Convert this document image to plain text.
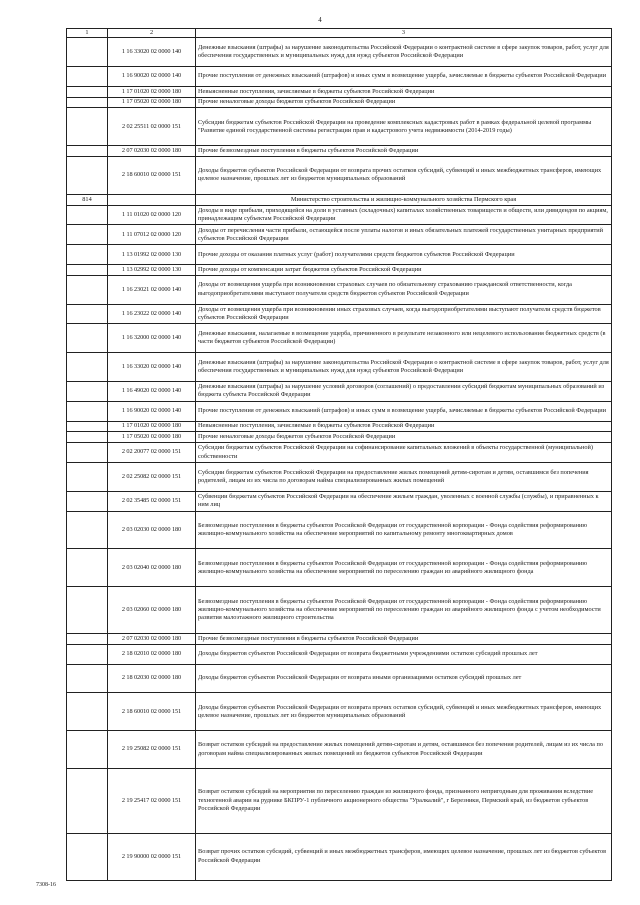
4
1	2	3
	1 16 33020 02 0000 140	Денежные взыскания (штрафы) за нарушение законодательства Российской Федерации о контрактной системе в сфере закупок товаров, работ, услуг для обеспечения государственных и муниципальных нужд для нужд субъектов Российской Федерации
	1 16 90020 02 0000 140	Прочие поступления от денежных взысканий (штрафов) и иных сумм в возмещение ущерба, зачисляемые в бюджеты субъектов Российской Федерации
	1 17 01020 02 0000 180	Невыясненные поступления, зачисляемые в бюджеты субъектов Российской Федерации
	1 17 05020 02 0000 180	Прочие неналоговые доходы бюджетов субъектов Российской Федерации
	2 02 25511 02 0000 151	Субсидии бюджетам субъектов Российской Федерации на проведение комплексных кадастровых работ в рамках федеральной целевой программы "Развитие единой государственной системы регистрации прав и кадастрового учета недвижимости (2014-2019 годы)
	2 07 02030 02 0000 180	Прочие безвозмездные поступления в бюджеты субъектов Российской Федерации
	2 18 60010 02 0000 151	Доходы бюджетов субъектов Российской Федерации от возврата прочих остатков субсидий, субвенций и иных межбюджетных трансферов, имеющих целевое назначение, прошлых лет из бюджетов муниципальных образований
814		Министерство строительства и жилищно-коммунального хозяйства Пермского края
	1 11 01020 02 0000 120	Доходы в виде прибыли, приходящейся на доли в уставных (складочных) капиталах хозяйственных товариществ и обществ, или дивидендов по акциям, принадлежащим субъектам Российской Федерации
	1 11 07012 02 0000 120	Доходы от перечисления части прибыли, остающейся после уплаты налогов и иных обязательных платежей государственных унитарных предприятий субъектов Российской Федерации
	1 13 01992 02 0000 130	Прочие доходы от оказания платных услуг (работ) получателями средств бюджетов субъектов Российской Федерации
	1 13 02992 02 0000 130	Прочие доходы от компенсации затрат бюджетов субъектов Российской Федерации
	1 16 23021 02 0000 140	Доходы от возмещения ущерба при возникновении страховых случаев по обязательному страхованию гражданской ответственности, когда выгодоприобретателями выступают получатели средств бюджетов субъектов Российской Федерации
	1 16 23022 02 0000 140	Доходы от возмещения ущерба при возникновении иных страховых случаев, когда выгодоприобретателями выступают получатели средств бюджетов субъектов Российской Федерации
	1 16 32000 02 0000 140	Денежные взыскания, налагаемые в возмещение ущерба, причиненного в результате незаконного или нецелевого использования бюджетных средств (в части бюджетов субъектов Российской Федерации)
	1 16 33020 02 0000 140	Денежные взыскания (штрафы) за нарушение законодательства Российской Федерации о контрактной системе в сфере закупок товаров, работ, услуг для обеспечения государственных и муниципальных нужд для нужд субъектов Российской Федерации
	1 16 49020 02 0000 140	Денежные взыскания (штрафы) за нарушение условий договоров (соглашений) о предоставлении субсидий бюджетам муниципальных образований из бюджета субъекта Российской Федерации
	1 16 90020 02 0000 140	Прочие поступления от денежных взысканий (штрафов) и иных сумм в возмещение ущерба, зачисляемые в бюджеты субъектов Российской Федерации
	1 17 01020 02 0000 180	Невыясненные поступления, зачисляемые в бюджеты субъектов Российской Федерации
	1 17 05020 02 0000 180	Прочие неналоговые доходы бюджетов субъектов Российской Федерации
	2 02 20077 02 0000 151	Субсидии бюджетам субъектов Российской Федерации на софинансирование капитальных вложений в объекты государственной (муниципальной) собственности
	2 02 25082 02 0000 151	Субсидии бюджетам субъектов Российской Федерации на предоставление жилых помещений детям-сиротам и детям, оставшимся без попечения родителей, лицам из их числа по договорам найма специализированных жилых помещений
	2 02 35485 02 0000 151	Субвенции бюджетам субъектов Российской Федерации на обеспечение жильем граждан, уволенных с военной службы (службы), и приравненных к ним лиц
	2 03 02030 02 0000 180	Безвозмездные поступления в бюджеты субъектов Российской Федерации от государственной корпорации - Фонда содействия реформированию жилищно-коммунального хозяйства на обеспечение мероприятий по капитальному ремонту многоквартирных домов
	2 03 02040 02 0000 180	Безвозмездные поступления в бюджеты субъектов Российской Федерации от государственной корпорации - Фонда содействия реформированию жилищно-коммунального хозяйства на обеспечение мероприятий по переселению граждан из аварийного жилищного фонда
	2 03 02060 02 0000 180	Безвозмездные поступления в бюджеты субъектов Российской Федерации от государственной корпорации - Фонда содействия реформированию жилищно-коммунального хозяйства на обеспечение мероприятий по переселению граждан из аварийного жилищного фонда с учетом необходимости развития малоэтажного жилищного строительства
	2 07 02030 02 0000 180	Прочие безвозмездные поступления в бюджеты субъектов Российской Федерации
	2 18 02010 02 0000 180	Доходы бюджетов субъектов Российской Федерации от возврата бюджетными учреждениями остатков субсидий прошлых лет
	2 18 02030 02 0000 180	Доходы бюджетов субъектов Российской Федерации от возврата иными организациями остатков субсидий прошлых лет
	2 18 60010 02 0000 151	Доходы бюджетов субъектов Российской Федерации от возврата прочих остатков субсидий, субвенций и иных межбюджетных трансферов, имеющих целевое назначение, прошлых лет из бюджетов муниципальных образований
	2 19 25082 02 0000 151	Возврат остатков субсидий на предоставление жилых помещений детям-сиротам и детям, оставшимся без попечения родителей, лицам из их числа по договорам найма специализированных жилых помещений из бюджетов субъектов Российской Федерации
	2 19 25417 02 0000 151	Возврат остатков субсидий на мероприятия по переселению граждан из жилищного фонда, признанного непригодным для проживания вследствие техногенной аварии на руднике БКПРУ-1 публичного акционерного общества "Уралкалий", г Березники, Пермский край, из бюджетов субъектов Российской Федерации
	2 19 90000 02 0000 151	Возврат прочих остатков субсидий, субвенций и иных межбюджетных трансферов, имеющих целевое назначение, прошлых лет из бюджетов субъектов Российской Федерации
7308-16
